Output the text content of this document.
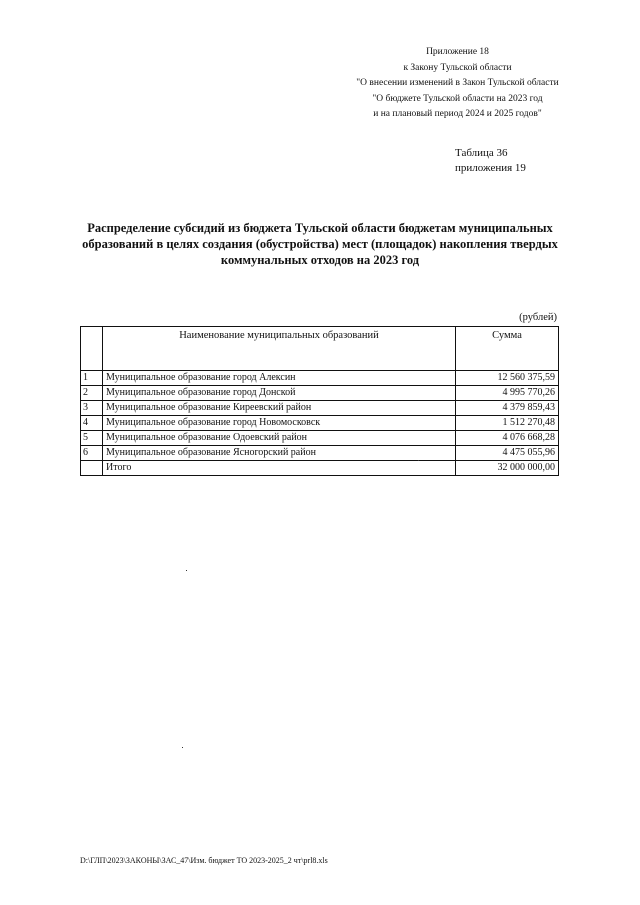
Приложение 18
к Закону Тульской области
"О внесении изменений в Закон Тульской области
"О бюджете Тульской области на 2023 год
и на плановый период 2024 и 2025 годов"
Таблица 36
приложения 19
Распределение субсидий из бюджета Тульской области бюджетам муниципальных образований в целях создания (обустройства) мест (площадок) накопления твердых коммунальных отходов на 2023 год
(рублей)
	Наименование муниципальных образований	Сумма
1	Муниципальное образование город Алексин	12 560 375,59
2	Муниципальное образование город Донской	4 995 770,26
3	Муниципальное образование Киреевский район	4 379 859,43
4	Муниципальное образование город Новомосковск	1 512 270,48
5	Муниципальное образование Одоевский район	4 076 668,28
6	Муниципальное образование Ясногорский район	4 475 055,96
	Итого	32 000 000,00
D:\ГЛП\2023\ЗАКОНЫ\ЗАС_47\Изм. бюджет ТО 2023-2025_2 чт\prl8.xls
